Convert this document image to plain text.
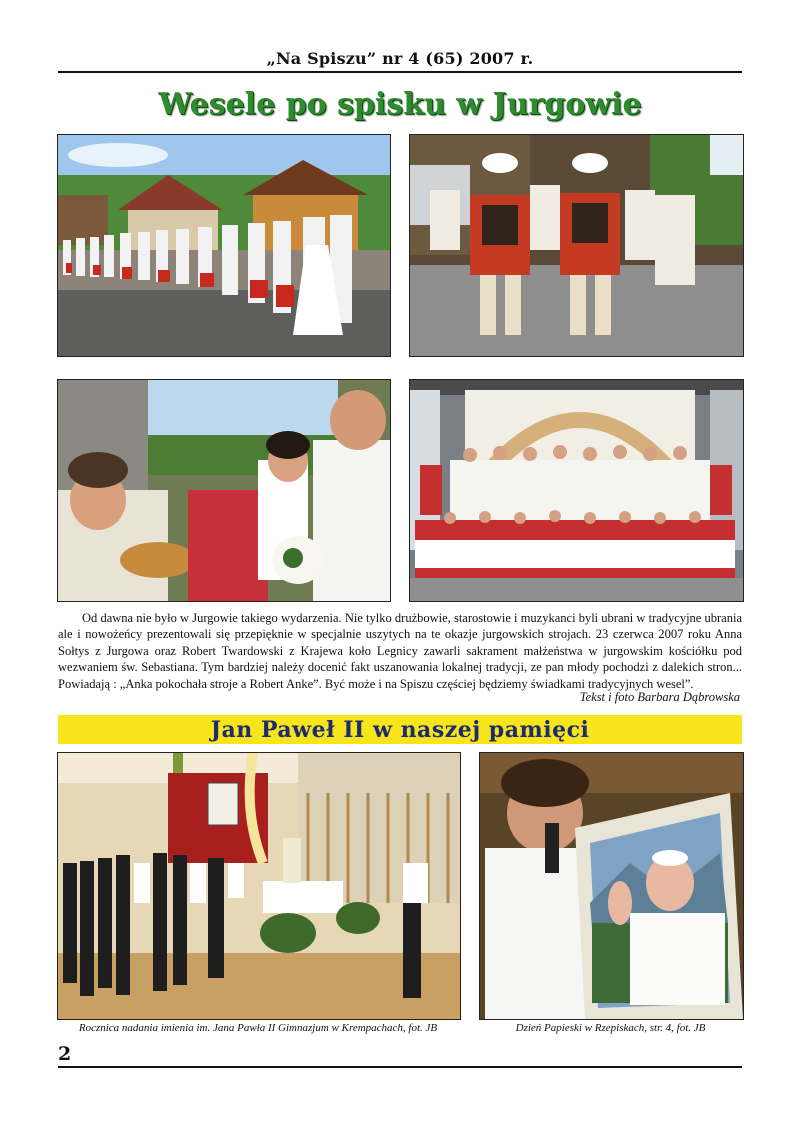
„Na Spiszu” nr 4 (65) 2007 r.
Wesele po spisku w Jurgowie

Od dawna nie było w Jurgowie takiego wydarzenia. Nie tylko drużbowie, starostowie i muzykanci byli ubrani w tradycyjne ubrania ale i nowożeńcy prezentowali się przepięknie w specjalnie uszytych na te okazje jurgowskich strojach. 23 czerwca 2007 roku Anna Sołtys z Jurgowa oraz Robert Twardowski z Krajewa koło Legnicy zawarli sakrament małżeństwa w jurgowskim kościółku pod wezwaniem św. Sebastiana. Tym bardziej należy docenić fakt uszanowania lokalnej tradycji, ze pan młody pochodzi z dalekich stron... Powiadają : „Anka pokochała stroje a Robert Anke”. Być może i na Spiszu częściej będziemy świadkami tradycyjnych wesel”.

Tekst i foto Barbara Dąbrowska
Jan Paweł II w naszej pamięci
Rocznica nadania imienia im. Jana Pawła II Gimnazjum w Krempachach, fot. JB	Dzień Papieski w Rzepiskach, str. 4, fot. JB
2
